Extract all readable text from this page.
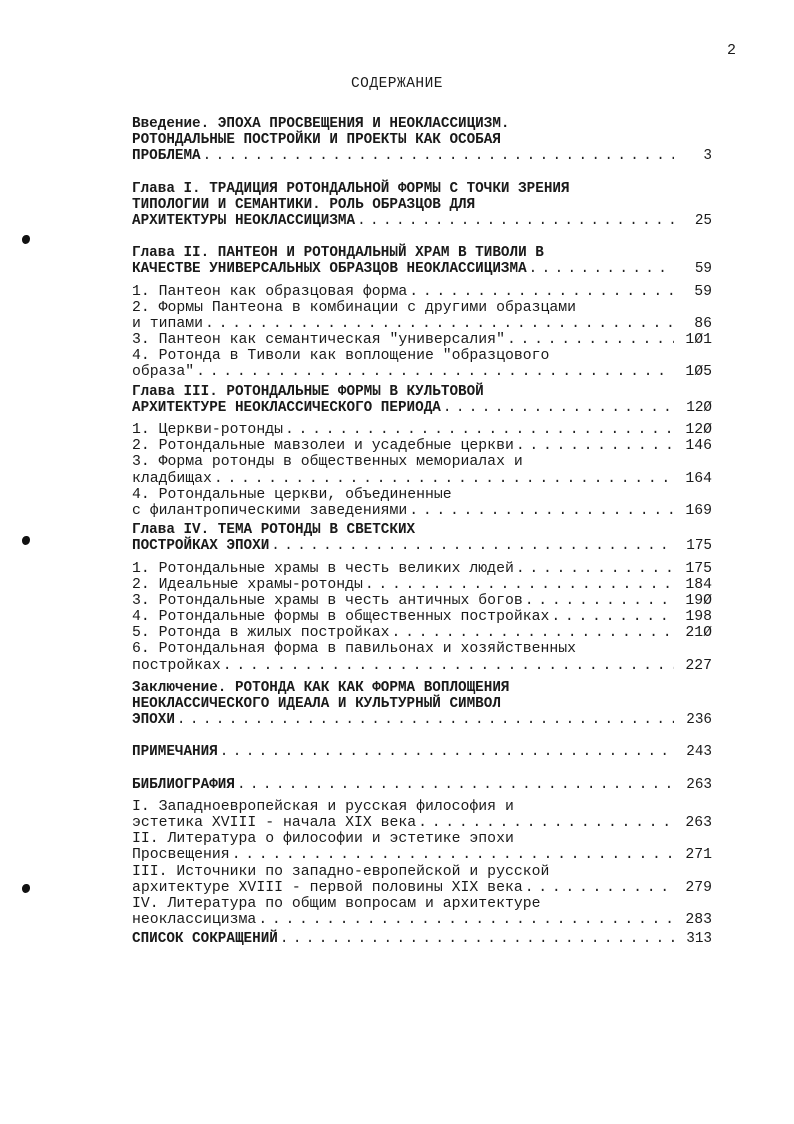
2
СОДЕРЖАНИЕ
Введение. ЭПОХА ПРОСВЕЩЕНИЯ И НЕОКЛАССИЦИЗМ.
РОТОНДАЛЬНЫЕ ПОСТРОЙКИ И ПРОЕКТЫ КАК ОСОБАЯ
ПРОБЛЕМА . . .	3
Глава I. ТРАДИЦИЯ РОТОНДАЛЬНОЙ ФОРМЫ С ТОЧКИ ЗРЕНИЯ
ТИПОЛОГИИ И СЕМАНТИКИ. РОЛЬ ОБРАЗЦОВ ДЛЯ
АРХИТЕКТУРЫ НЕОКЛАССИЦИЗМА . . .	25
Глава II. ПАНТЕОН И РОТОНДАЛЬНЫЙ ХРАМ В ТИВОЛИ В
КАЧЕСТВЕ УНИВЕРСАЛЬНЫХ ОБРАЗЦОВ НЕОКЛАССИЦИЗМА . . .	59
1. Пантеон как образцовая форма . . .	59
2. Формы Пантеона в комбинации с другими образцами
и типами . . .	86
3. Пантеон как семантическая "универсалия" . . .	1Ø1
4. Ротонда в Тиволи как воплощение "образцового
образа" . . .	1Ø5
Глава III. РОТОНДАЛЬНЫЕ ФОРМЫ В КУЛЬТОВОЙ
АРХИТЕКТУРЕ НЕОКЛАССИЧЕСКОГО ПЕРИОДА . . .	12Ø
1. Церкви-ротонды . . .	12Ø
2. Ротондальные мавзолеи и усадебные церкви . . .	146
3. Форма ротонды в общественных мемориалах и
кладбищах . . .	164
4. Ротондальные церкви, объединенные
с филантропическими заведениями . . .	169
Глава IV. ТЕМА РОТОНДЫ В СВЕТСКИХ
ПОСТРОЙКАХ ЭПОХИ . . .	175
1. Ротондальные храмы в честь великих людей . . .	175
2. Идеальные храмы-ротонды . . .	184
3. Ротондальные храмы в честь античных богов . . .	19Ø
4. Ротондальные формы в общественных постройках . . .	198
5. Ротонда в жилых постройках . . .	21Ø
6. Ротондальная форма в павильонах и хозяйственных
постройках . . .	227
Заключение. РОТОНДА КАК КАК ФОРМА ВОПЛОЩЕНИЯ
НЕОКЛАССИЧЕСКОГО ИДЕАЛА И КУЛЬТУРНЫЙ СИМВОЛ
ЭПОХИ . . .	236
ПРИМЕЧАНИЯ . . .	243
БИБЛИОГРАФИЯ . . .	263
I. Западноевропейская и русская философия и
эстетика XVIII - начала XIX века . . .	263
II. Литература о философии и эстетике эпохи
Просвещения . . .	271
III. Источники по западно-европейской и русской
архитектуре XVIII - первой половины XIX века . . .	279
IV. Литература по общим вопросам и архитектуре
неоклассицизма . . .	283
СПИСОК СОКРАЩЕНИЙ . . .	313
